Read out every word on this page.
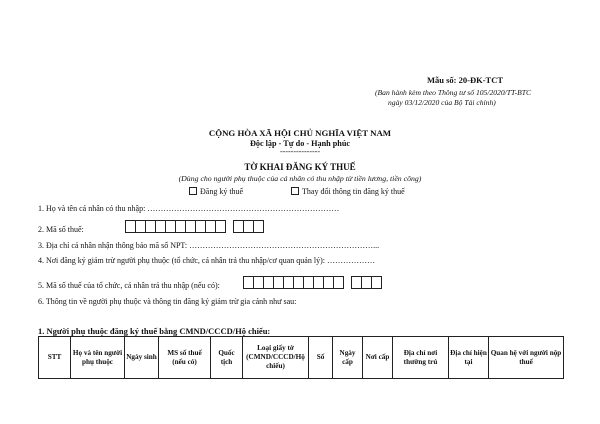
Mẫu số: 20-ĐK-TCT
(Ban hành kèm theo Thông tư số 105/2020/TT-BTC
ngày 03/12/2020 của Bộ Tài chính)
CỘNG HÒA XÃ HỘI CHỦ NGHĨA VIỆT NAM
Độc lập - Tự do - Hạnh phúc
---------------
TỜ KHAI ĐĂNG KÝ THUẾ
(Dùng cho người phụ thuộc của cá nhân có thu nhập từ tiền lương, tiền công)
Đăng ký thuế	Thay đổi thông tin đăng ký thuế
1. Họ và tên cá nhân có thu nhập: ………………………………………………………………
2. Mã số thuế:
3. Địa chỉ cá nhân nhận thông báo mã số NPT: ……………………………………………………………...
4. Nơi đăng ký giảm trừ người phụ thuộc (tổ chức, cá nhân trả thu nhập/cơ quan quản lý): ………………
5. Mã số thuế của tổ chức, cá nhân trả thu nhập (nếu có):
6. Thông tin về người phụ thuộc và thông tin đăng ký giảm trừ gia cảnh như sau:
1. Người phụ thuộc đăng ký thuế bằng CMND/CCCD/Hộ chiếu:
STT	Họ và tên người phụ thuộc	Ngày sinh	MS số thuế (nếu có)	Quốc tịch	Loại giấy tờ (CMND/CCCD/Hộ chiếu)	Số	Ngày cấp	Nơi cấp	Địa chỉ nơi thường trú	Địa chỉ hiện tại	Quan hệ với người nộp thuế
